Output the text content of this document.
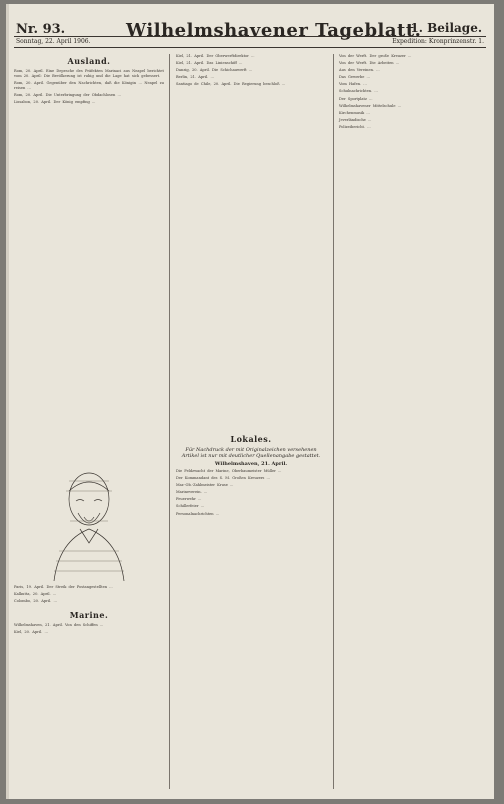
Nr. 93.	Wilhelmshavener Tageblatt.
1. Beilage.
Sonntag, 22. April 1906.	Expedition: Kronprinzenstr. 1.
Ausland.

Rom, 20. April. Eine Depesche des Präfekten Marinaci aus Neapel berichtet vom 20. April: Die Bevölkerung ist ruhig und die Lage hat sich gebessert.

Rom, 20. April. Gegenüber den Nachrichten, daß die Königin ... Neapel zu reisen ...

Rom, 20. April. Die Unterbringung der Obdachlosen ...

Lissabon, 20. April. Der König empfing ...

Paris, 19. April. Der Streik der Postangestellten ...

Kalkutta, 20. April. ...

Colombo, 20. April. ...

Marine.

Wilhelmshaven, 21. April. Von den Schiffen ...

Kiel, 20. April. ...

Kiel, 21. April. Der Oberwerftdirektor ...

Kiel, 21. April. Das Linienschiff ...

Danzig, 20. April. Die Schichauwerft ...

Berlin, 21. April. ...

Santiago de Chile, 20. April. Die Regierung beschloß ...

Lokales.
Für Nachdruck der mit Originalzeichen versehenen Artikel ist nur mit deutlicher Quellenangabe gestattet.
Wilhelmshaven, 21. April.

Die Feldzwacht der Marine, Oberbaumeister Müller ...

Der Kommandant des S. M. Großen Kreuzers ...

Mar.-Ob.-Zahlmeister Kruse ...

Marineverein. ...

Feuerwehr ...

Schillerfeier ...

Personalnachrichten ...

Von der Werft. Der große Kreuzer ...

Von der Werft. Die Arbeiten ...

Aus den Vereinen. ...

Das Gewerbe ...

Vom Hafen. ...

Schulnachrichten. ...

Der Sportplatz ...

Wilhelmshavener Mittelschule ...

Kirchenmusik ...

Jeverländische ...

Polizeibericht. ...
